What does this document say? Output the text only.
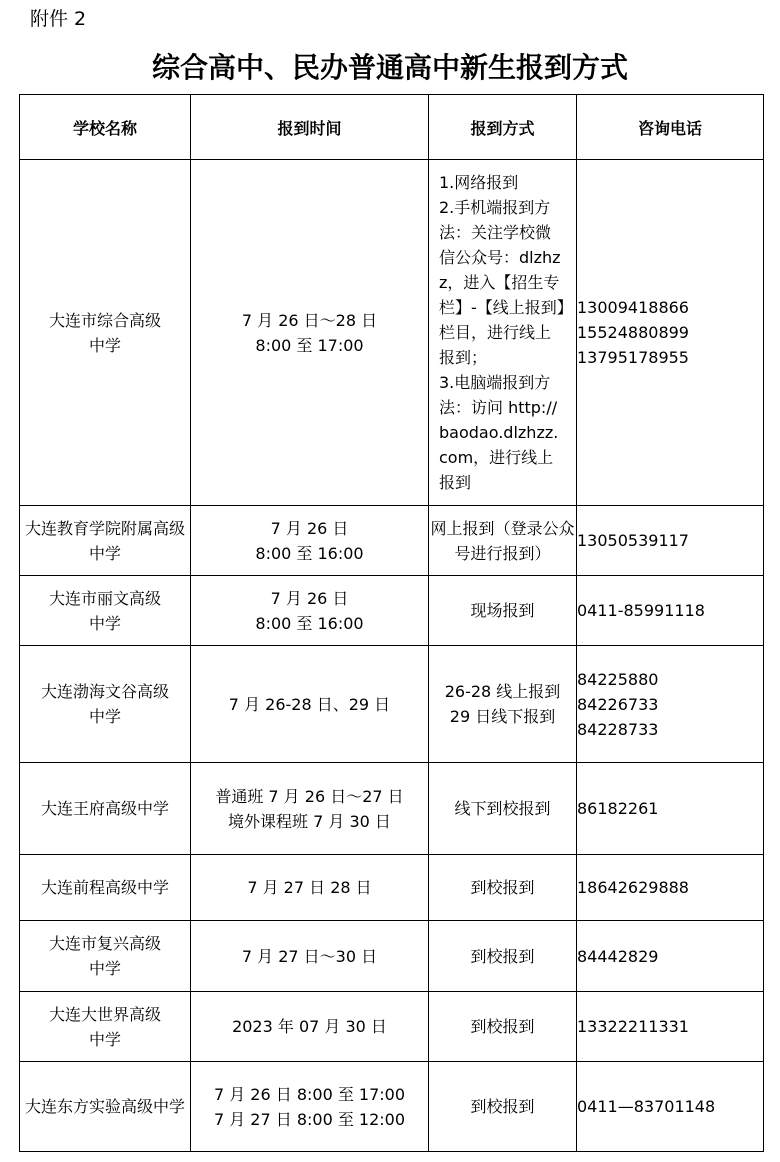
附件 2
综合高中、民办普通高中新生报到方式
学校名称	报到时间	报到方式	咨询电话

大连市综合高级中学	7 月 26 日～28 日
8:00 至 17:00	1.网络报到
2.手机端报到方法：关注学校微信公众号：dlzhzz，进入【招生专栏】-【线上报到】栏目，进行线上报到；
3.电脑端报到方法：访问 http://baodao.dlzhzz.com，进行线上报到	13009418866
15524880899
13795178955

大连教育学院附属高级中学	7 月 26 日
8:00 至 16:00	网上报到（登录公众号进行报到）	13050539117

大连市丽文高级中学	7 月 26 日
8:00 至 16:00	现场报到	0411-85991118

大连渤海文谷高级中学	7 月 26-28 日、29 日	26-28 线上报到
29 日线下报到	84225880
84226733
84228733

大连王府高级中学	普通班 7 月 26 日～27 日
境外课程班 7 月 30 日	线下到校报到	86182261

大连前程高级中学	7 月 27 日 28 日	到校报到	18642629888

大连市复兴高级中学	7 月 27 日～30 日	到校报到	84442829

大连大世界高级中学	2023 年 07 月 30 日	到校报到	13322211331

大连东方实验高级中学	7 月 26 日 8:00 至 17:00
7 月 27 日 8:00 至 12:00	到校报到	0411—83701148
